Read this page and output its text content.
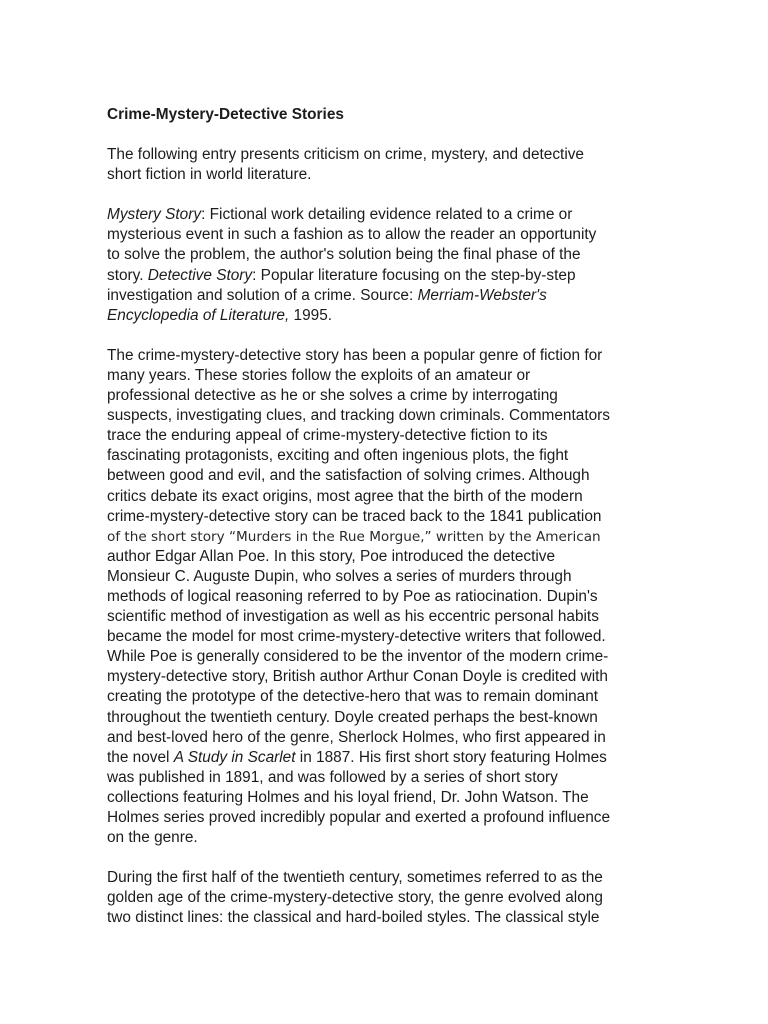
Crime-Mystery-Detective Stories
The following entry presents criticism on crime, mystery, and detective
short fiction in world literature.
Mystery Story: Fictional work detailing evidence related to a crime or
mysterious event in such a fashion as to allow the reader an opportunity
to solve the problem, the author's solution being the final phase of the
story. Detective Story: Popular literature focusing on the step-by-step
investigation and solution of a crime. Source: Merriam-Webster's
Encyclopedia of Literature, 1995.
The crime-mystery-detective story has been a popular genre of fiction for
many years. These stories follow the exploits of an amateur or
professional detective as he or she solves a crime by interrogating
suspects, investigating clues, and tracking down criminals. Commentators
trace the enduring appeal of crime-mystery-detective fiction to its
fascinating protagonists, exciting and often ingenious plots, the fight
between good and evil, and the satisfaction of solving crimes. Although
critics debate its exact origins, most agree that the birth of the modern
crime-mystery-detective story can be traced back to the 1841 publication
of the short story “Murders in the Rue Morgue,” written by the American
author Edgar Allan Poe. In this story, Poe introduced the detective
Monsieur C. Auguste Dupin, who solves a series of murders through
methods of logical reasoning referred to by Poe as ratiocination. Dupin's
scientific method of investigation as well as his eccentric personal habits
became the model for most crime-mystery-detective writers that followed.
While Poe is generally considered to be the inventor of the modern crime-
mystery-detective story, British author Arthur Conan Doyle is credited with
creating the prototype of the detective-hero that was to remain dominant
throughout the twentieth century. Doyle created perhaps the best-known
and best-loved hero of the genre, Sherlock Holmes, who first appeared in
the novel A Study in Scarlet in 1887. His first short story featuring Holmes
was published in 1891, and was followed by a series of short story
collections featuring Holmes and his loyal friend, Dr. John Watson. The
Holmes series proved incredibly popular and exerted a profound influence
on the genre.
During the first half of the twentieth century, sometimes referred to as the
golden age of the crime-mystery-detective story, the genre evolved along
two distinct lines: the classical and hard-boiled styles. The classical style
